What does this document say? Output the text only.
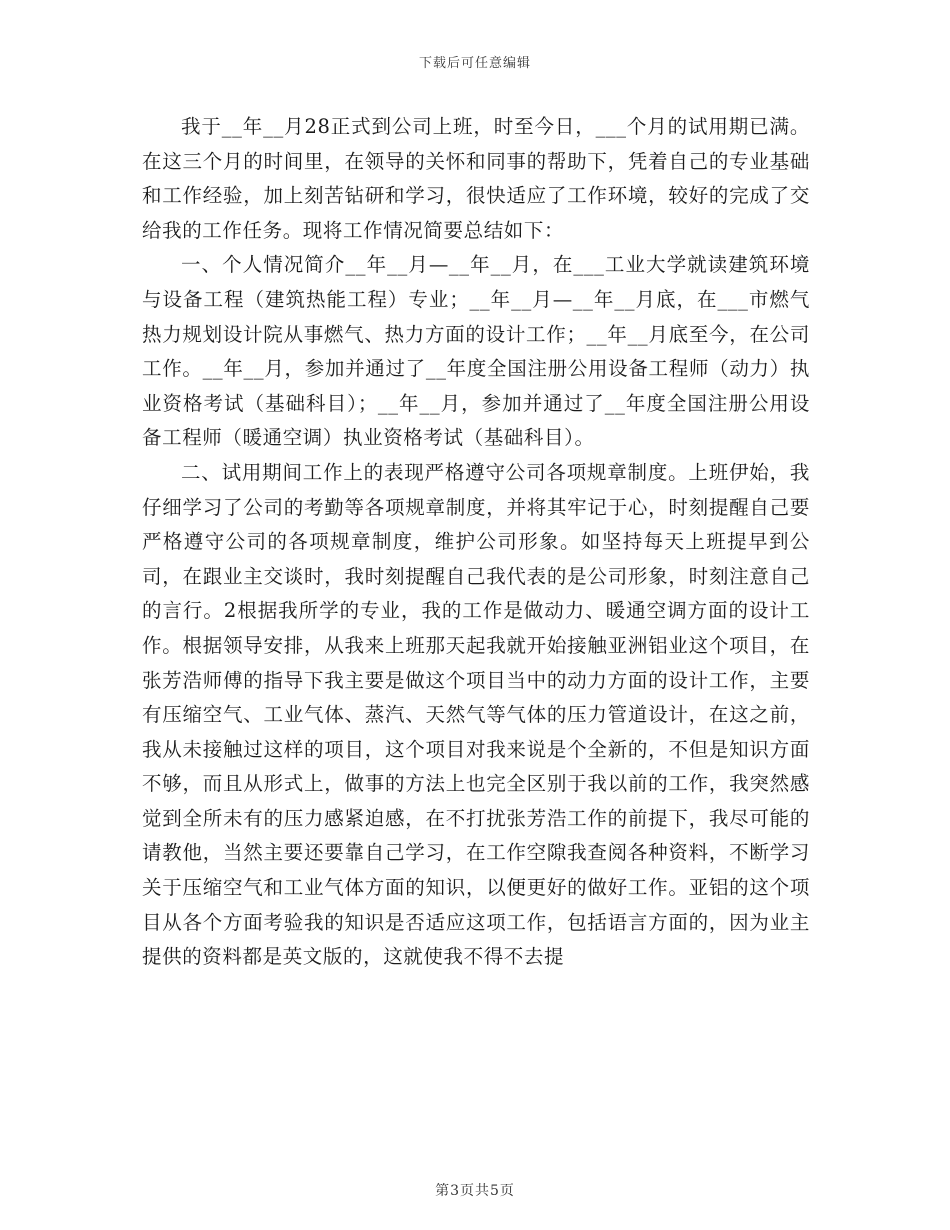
下载后可任意编辑

我于__年__月28正式到公司上班，时至今日，___个月的试用期已满。在这三个月的时间里，在领导的关怀和同事的帮助下，凭着自己的专业基础和工作经验，加上刻苦钻研和学习，很快适应了工作环境，较好的完成了交给我的工作任务。现将工作情况简要总结如下：

一、个人情况简介__年__月—__年__月，在___工业大学就读建筑环境与设备工程（建筑热能工程）专业；__年__月—__年__月底，在___市燃气热力规划设计院从事燃气、热力方面的设计工作；__年__月底至今，在公司工作。__年__月，参加并通过了__年度全国注册公用设备工程师（动力）执业资格考试（基础科目）；__年__月，参加并通过了__年度全国注册公用设备工程师（暖通空调）执业资格考试（基础科目）。

二、试用期间工作上的表现严格遵守公司各项规章制度。上班伊始，我仔细学习了公司的考勤等各项规章制度，并将其牢记于心，时刻提醒自己要严格遵守公司的各项规章制度，维护公司形象。如坚持每天上班提早到公司，在跟业主交谈时，我时刻提醒自己我代表的是公司形象，时刻注意自己的言行。2根据我所学的专业，我的工作是做动力、暖通空调方面的设计工作。根据领导安排，从我来上班那天起我就开始接触亚洲铝业这个项目，在张芳浩师傅的指导下我主要是做这个项目当中的动力方面的设计工作，主要有压缩空气、工业气体、蒸汽、天然气等气体的压力管道设计，在这之前，我从未接触过这样的项目，这个项目对我来说是个全新的，不但是知识方面不够，而且从形式上，做事的方法上也完全区别于我以前的工作，我突然感觉到全所未有的压力感紧迫感，在不打扰张芳浩工作的前提下，我尽可能的请教他，当然主要还要靠自己学习，在工作空隙我查阅各种资料，不断学习关于压缩空气和工业气体方面的知识，以便更好的做好工作。亚铝的这个项目从各个方面考验我的知识是否适应这项工作，包括语言方面的，因为业主提供的资料都是英文版的，这就使我不得不去提

第3页共5页
